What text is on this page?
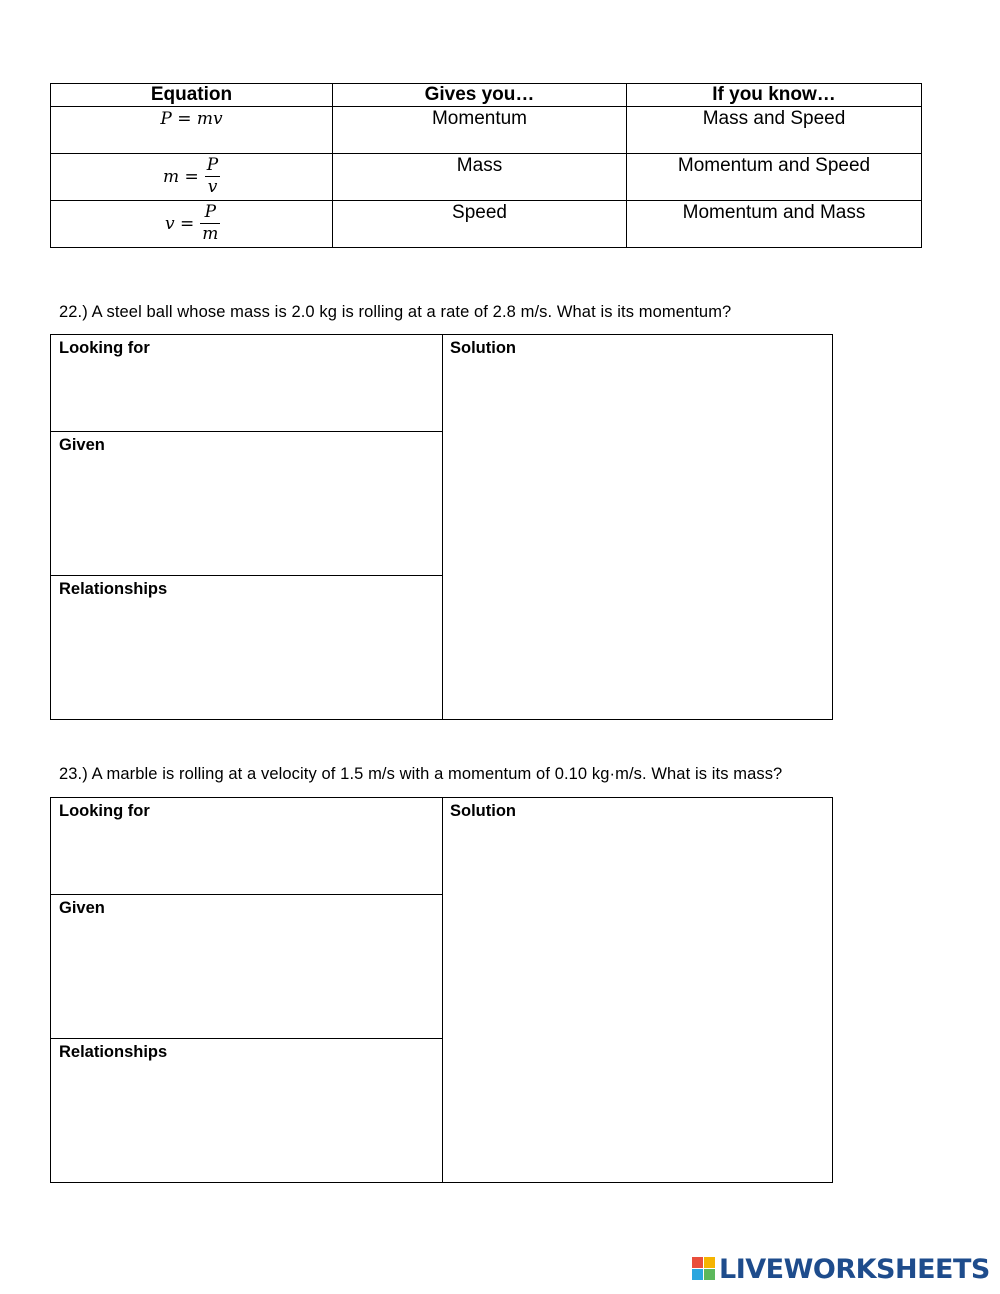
Equation	Gives you…	If you know…

P = mv	Momentum	Mass and Speed

$m = \frac{P}{v}$	Mass	Momentum and Speed

$v = \frac{P}{m}$	Speed	Momentum and Mass
22.) A steel ball whose mass is 2.0 kg is rolling at a rate of 2.8 m/s. What is its momentum?
Looking for
Given
Relationships
Solution
23.) A marble is rolling at a velocity of 1.5 m/s with a momentum of 0.10 kg·m/s. What is its mass?
Looking for
Given
Relationships
Solution
LIVEWORKSHEETS
